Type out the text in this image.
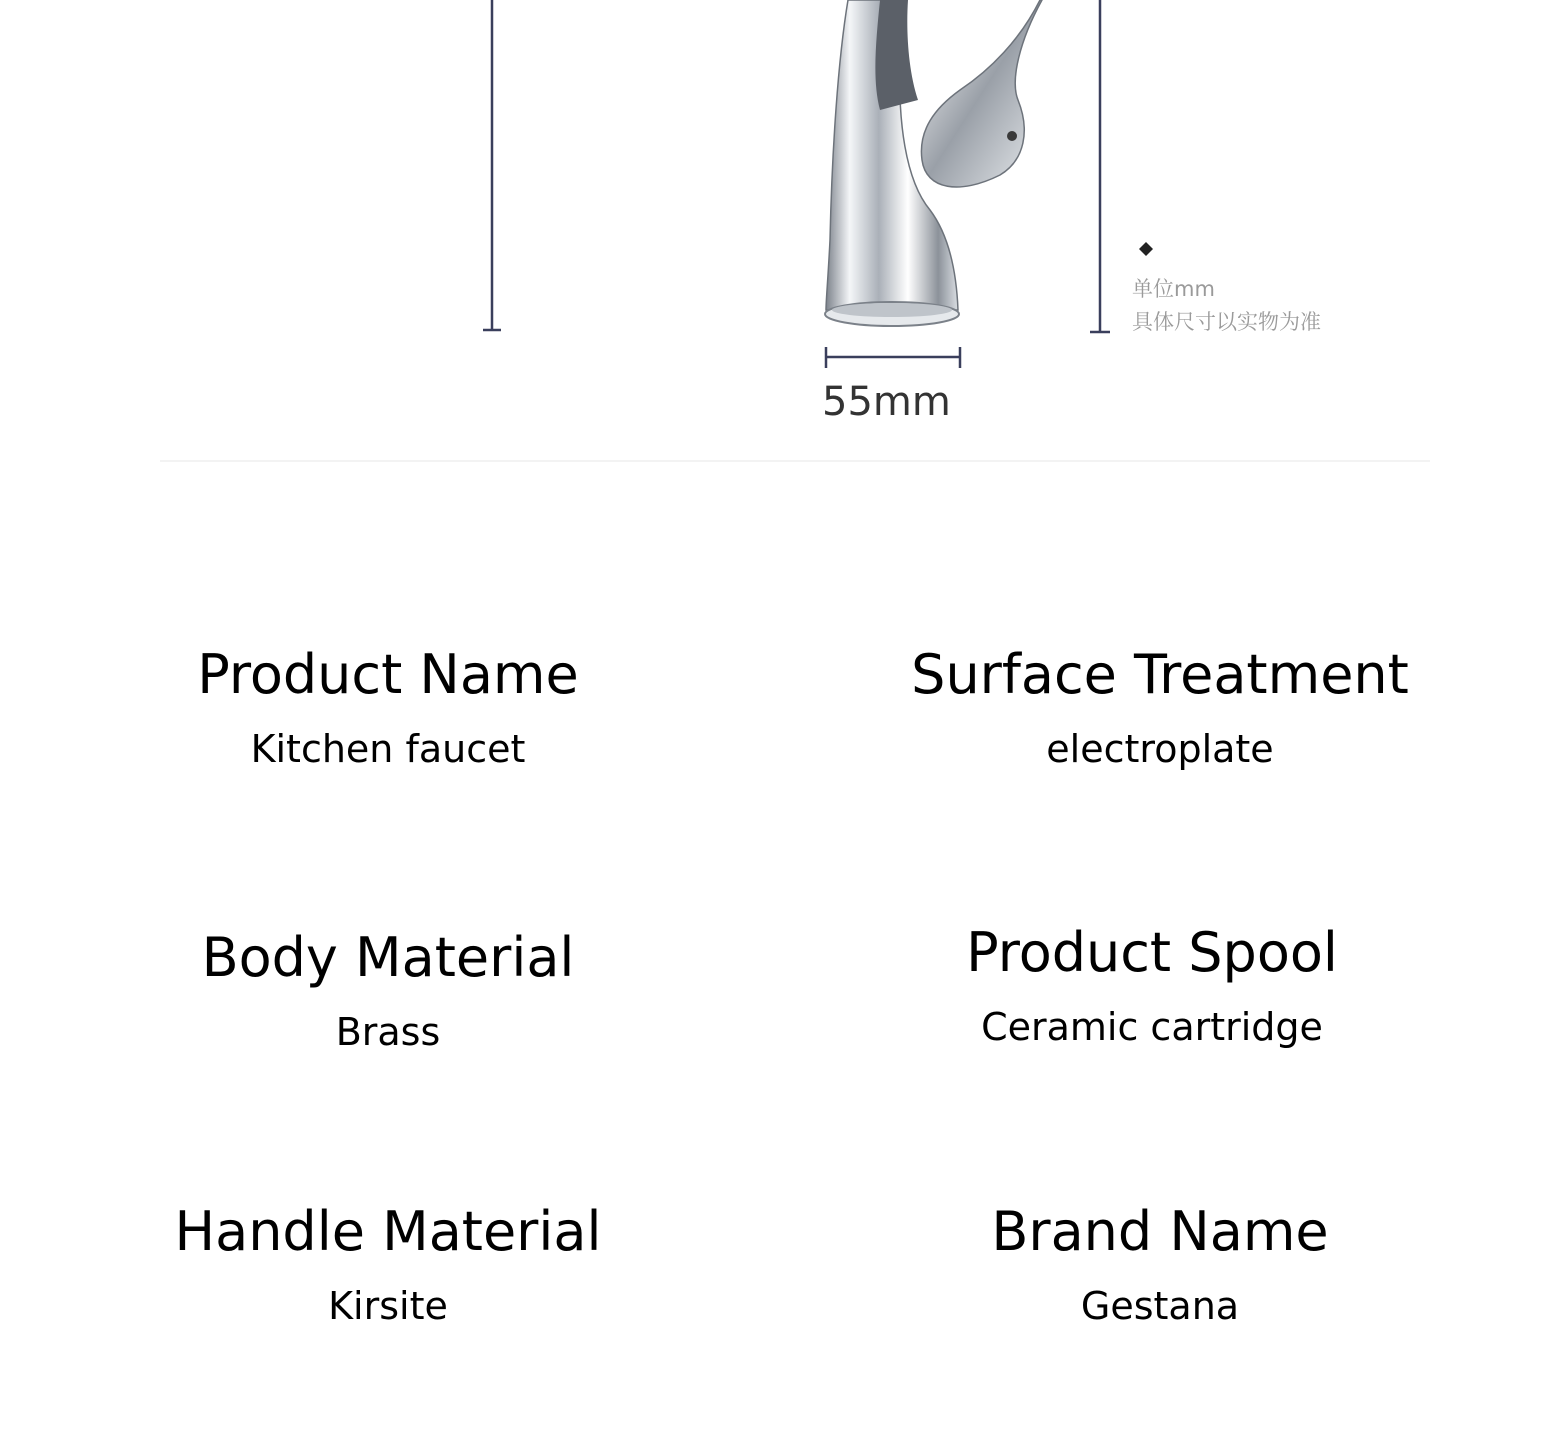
55mm
单位mm
具体尺寸以实物为准
Product Name
Kitchen faucet
Surface Treatment
electroplate
Body Material
Brass
Product Spool
Ceramic cartridge
Handle Material
Kirsite
Brand Name
Gestana
